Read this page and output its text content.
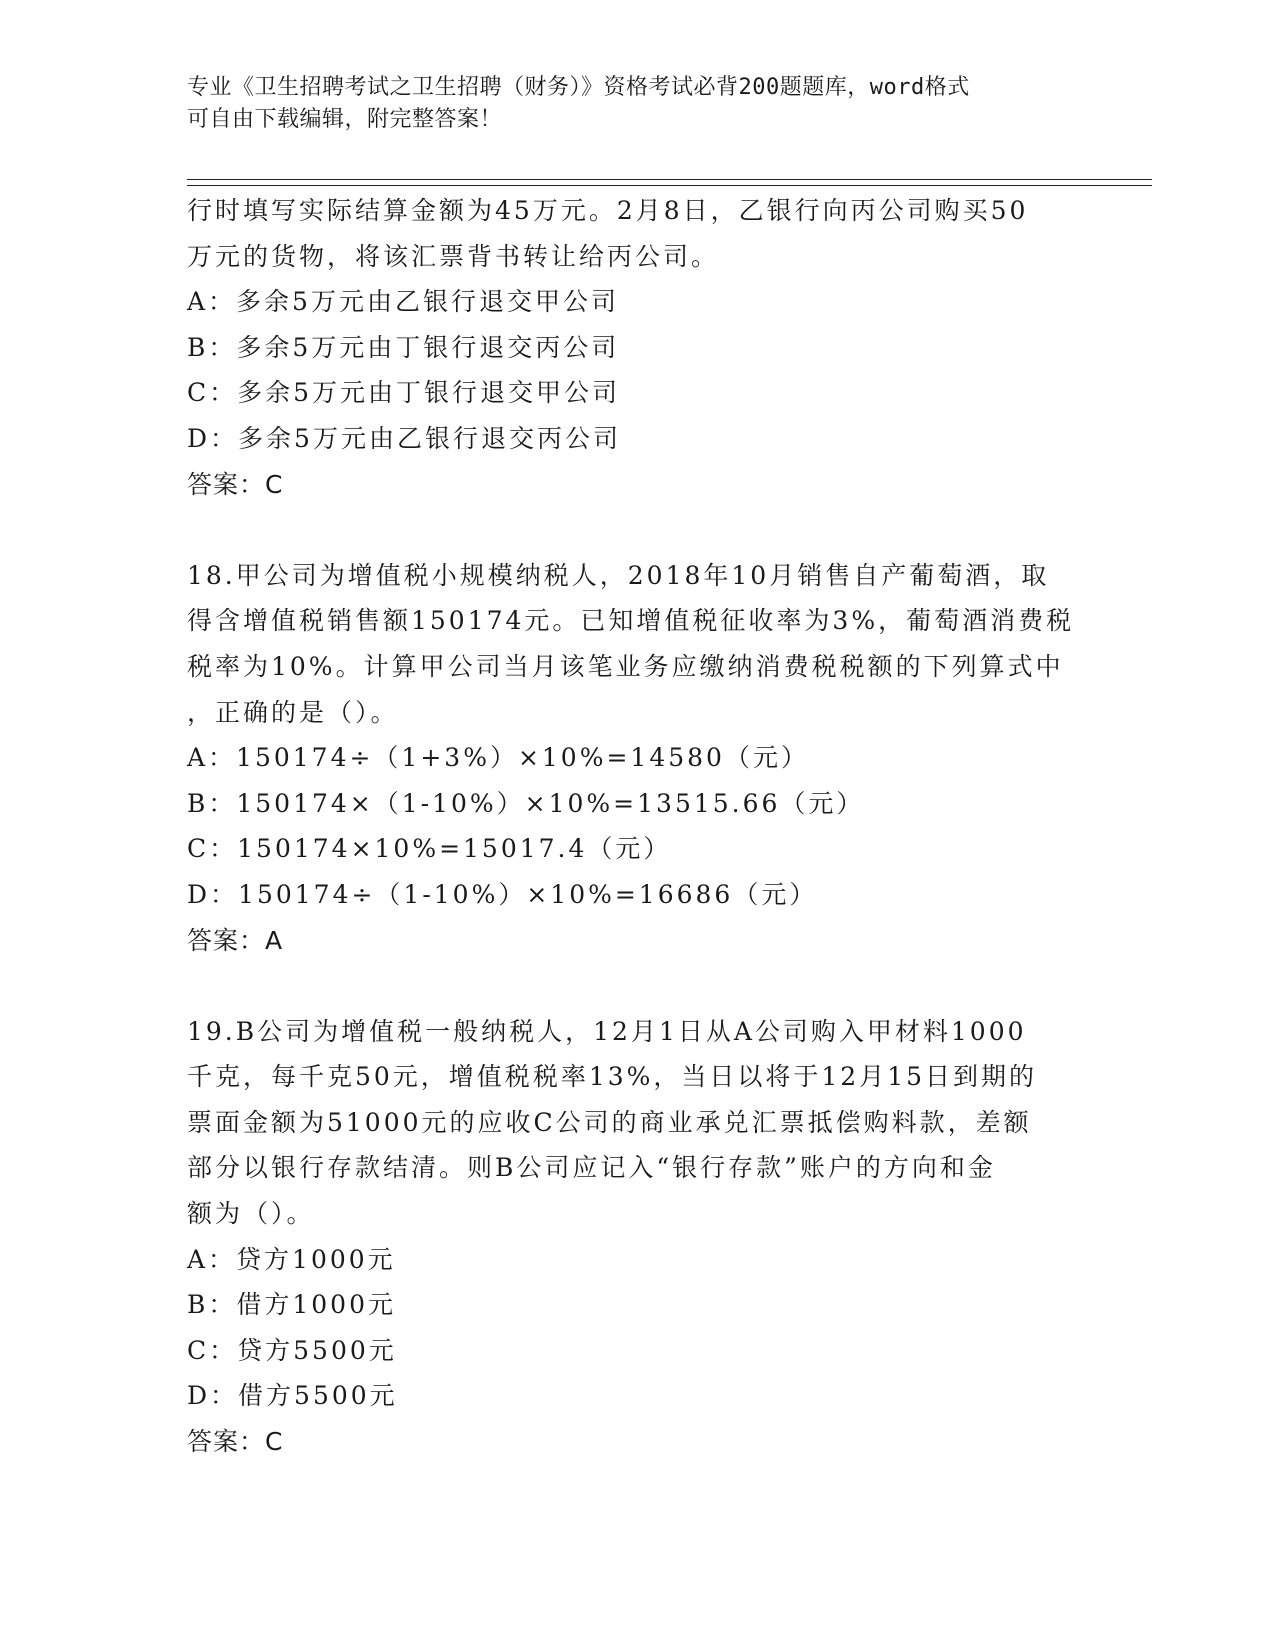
专业《卫生招聘考试之卫生招聘（财务）》资格考试必背200题题库，word格式
可自由下载编辑，附完整答案！
行时填写实际结算金额为45万元。2月8日，乙银行向丙公司购买50
万元的货物，将该汇票背书转让给丙公司。
A：多余5万元由乙银行退交甲公司
B：多余5万元由丁银行退交丙公司
C：多余5万元由丁银行退交甲公司
D：多余5万元由乙银行退交丙公司
答案：C
18.甲公司为增值税小规模纳税人，2018年10月销售自产葡萄酒，取
得含增值税销售额150174元。已知增值税征收率为3%，葡萄酒消费税
税率为10%。计算甲公司当月该笔业务应缴纳消费税税额的下列算式中
，正确的是（）。
A：150174÷（1+3%）×10%=14580（元）
B：150174×（1-10%）×10%=13515.66（元）
C：150174×10%=15017.4（元）
D：150174÷（1-10%）×10%=16686（元）
答案：A
19.B公司为增值税一般纳税人，12月1日从A公司购入甲材料1000
千克，每千克50元，增值税税率13%，当日以将于12月15日到期的
票面金额为51000元的应收C公司的商业承兑汇票抵偿购料款，差额
部分以银行存款结清。则B公司应记入“银行存款”账户的方向和金
额为（）。
A：贷方1000元
B：借方1000元
C：贷方5500元
D：借方5500元
答案：C
